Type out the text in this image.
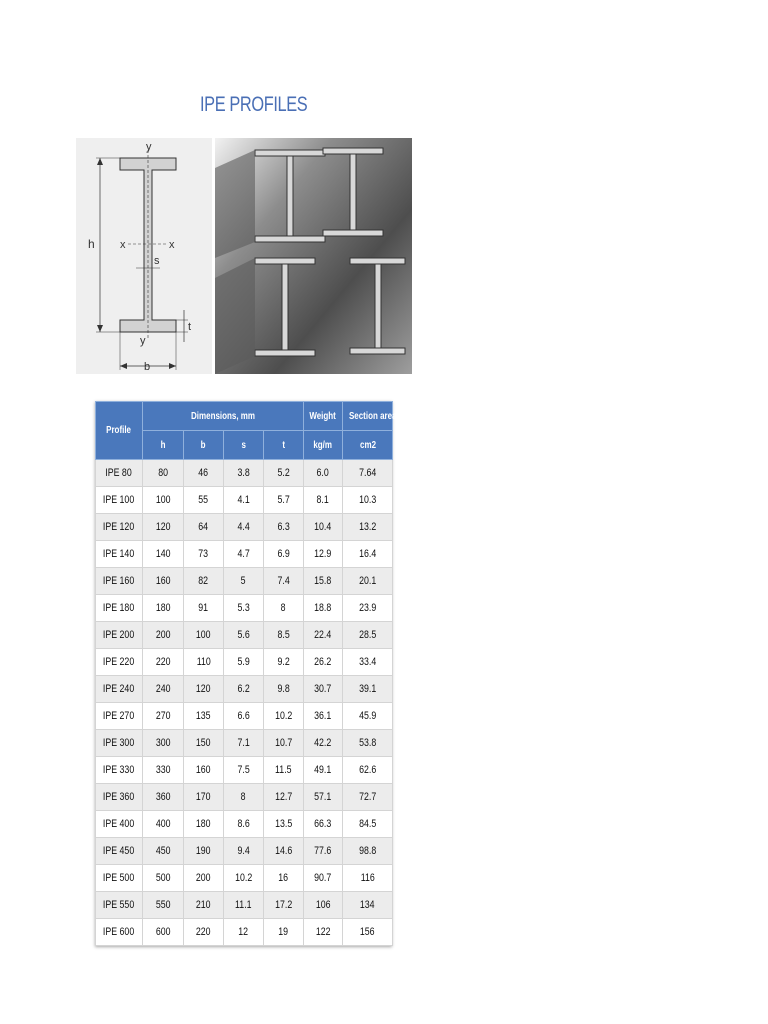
IPE PROFILES
y
y
h x	x
s
t
b
Profile	Dimensions, mm				Weight	Section area
	h	b	s	t	kg/m	cm2
IPE 80	80	46	3.8	5.2	6.0	7.64
IPE 100	100	55	4.1	5.7	8.1	10.3
IPE 120	120	64	4.4	6.3	10.4	13.2
IPE 140	140	73	4.7	6.9	12.9	16.4
IPE 160	160	82	5	7.4	15.8	20.1
IPE 180	180	91	5.3	8	18.8	23.9
IPE 200	200	100	5.6	8.5	22.4	28.5
IPE 220	220	110	5.9	9.2	26.2	33.4
IPE 240	240	120	6.2	9.8	30.7	39.1
IPE 270	270	135	6.6	10.2	36.1	45.9
IPE 300	300	150	7.1	10.7	42.2	53.8
IPE 330	330	160	7.5	11.5	49.1	62.6
IPE 360	360	170	8	12.7	57.1	72.7
IPE 400	400	180	8.6	13.5	66.3	84.5
IPE 450	450	190	9.4	14.6	77.6	98.8
IPE 500	500	200	10.2	16	90.7	116
IPE 550	550	210	11.1	17.2	106	134
IPE 600	600	220	12	19	122	156
